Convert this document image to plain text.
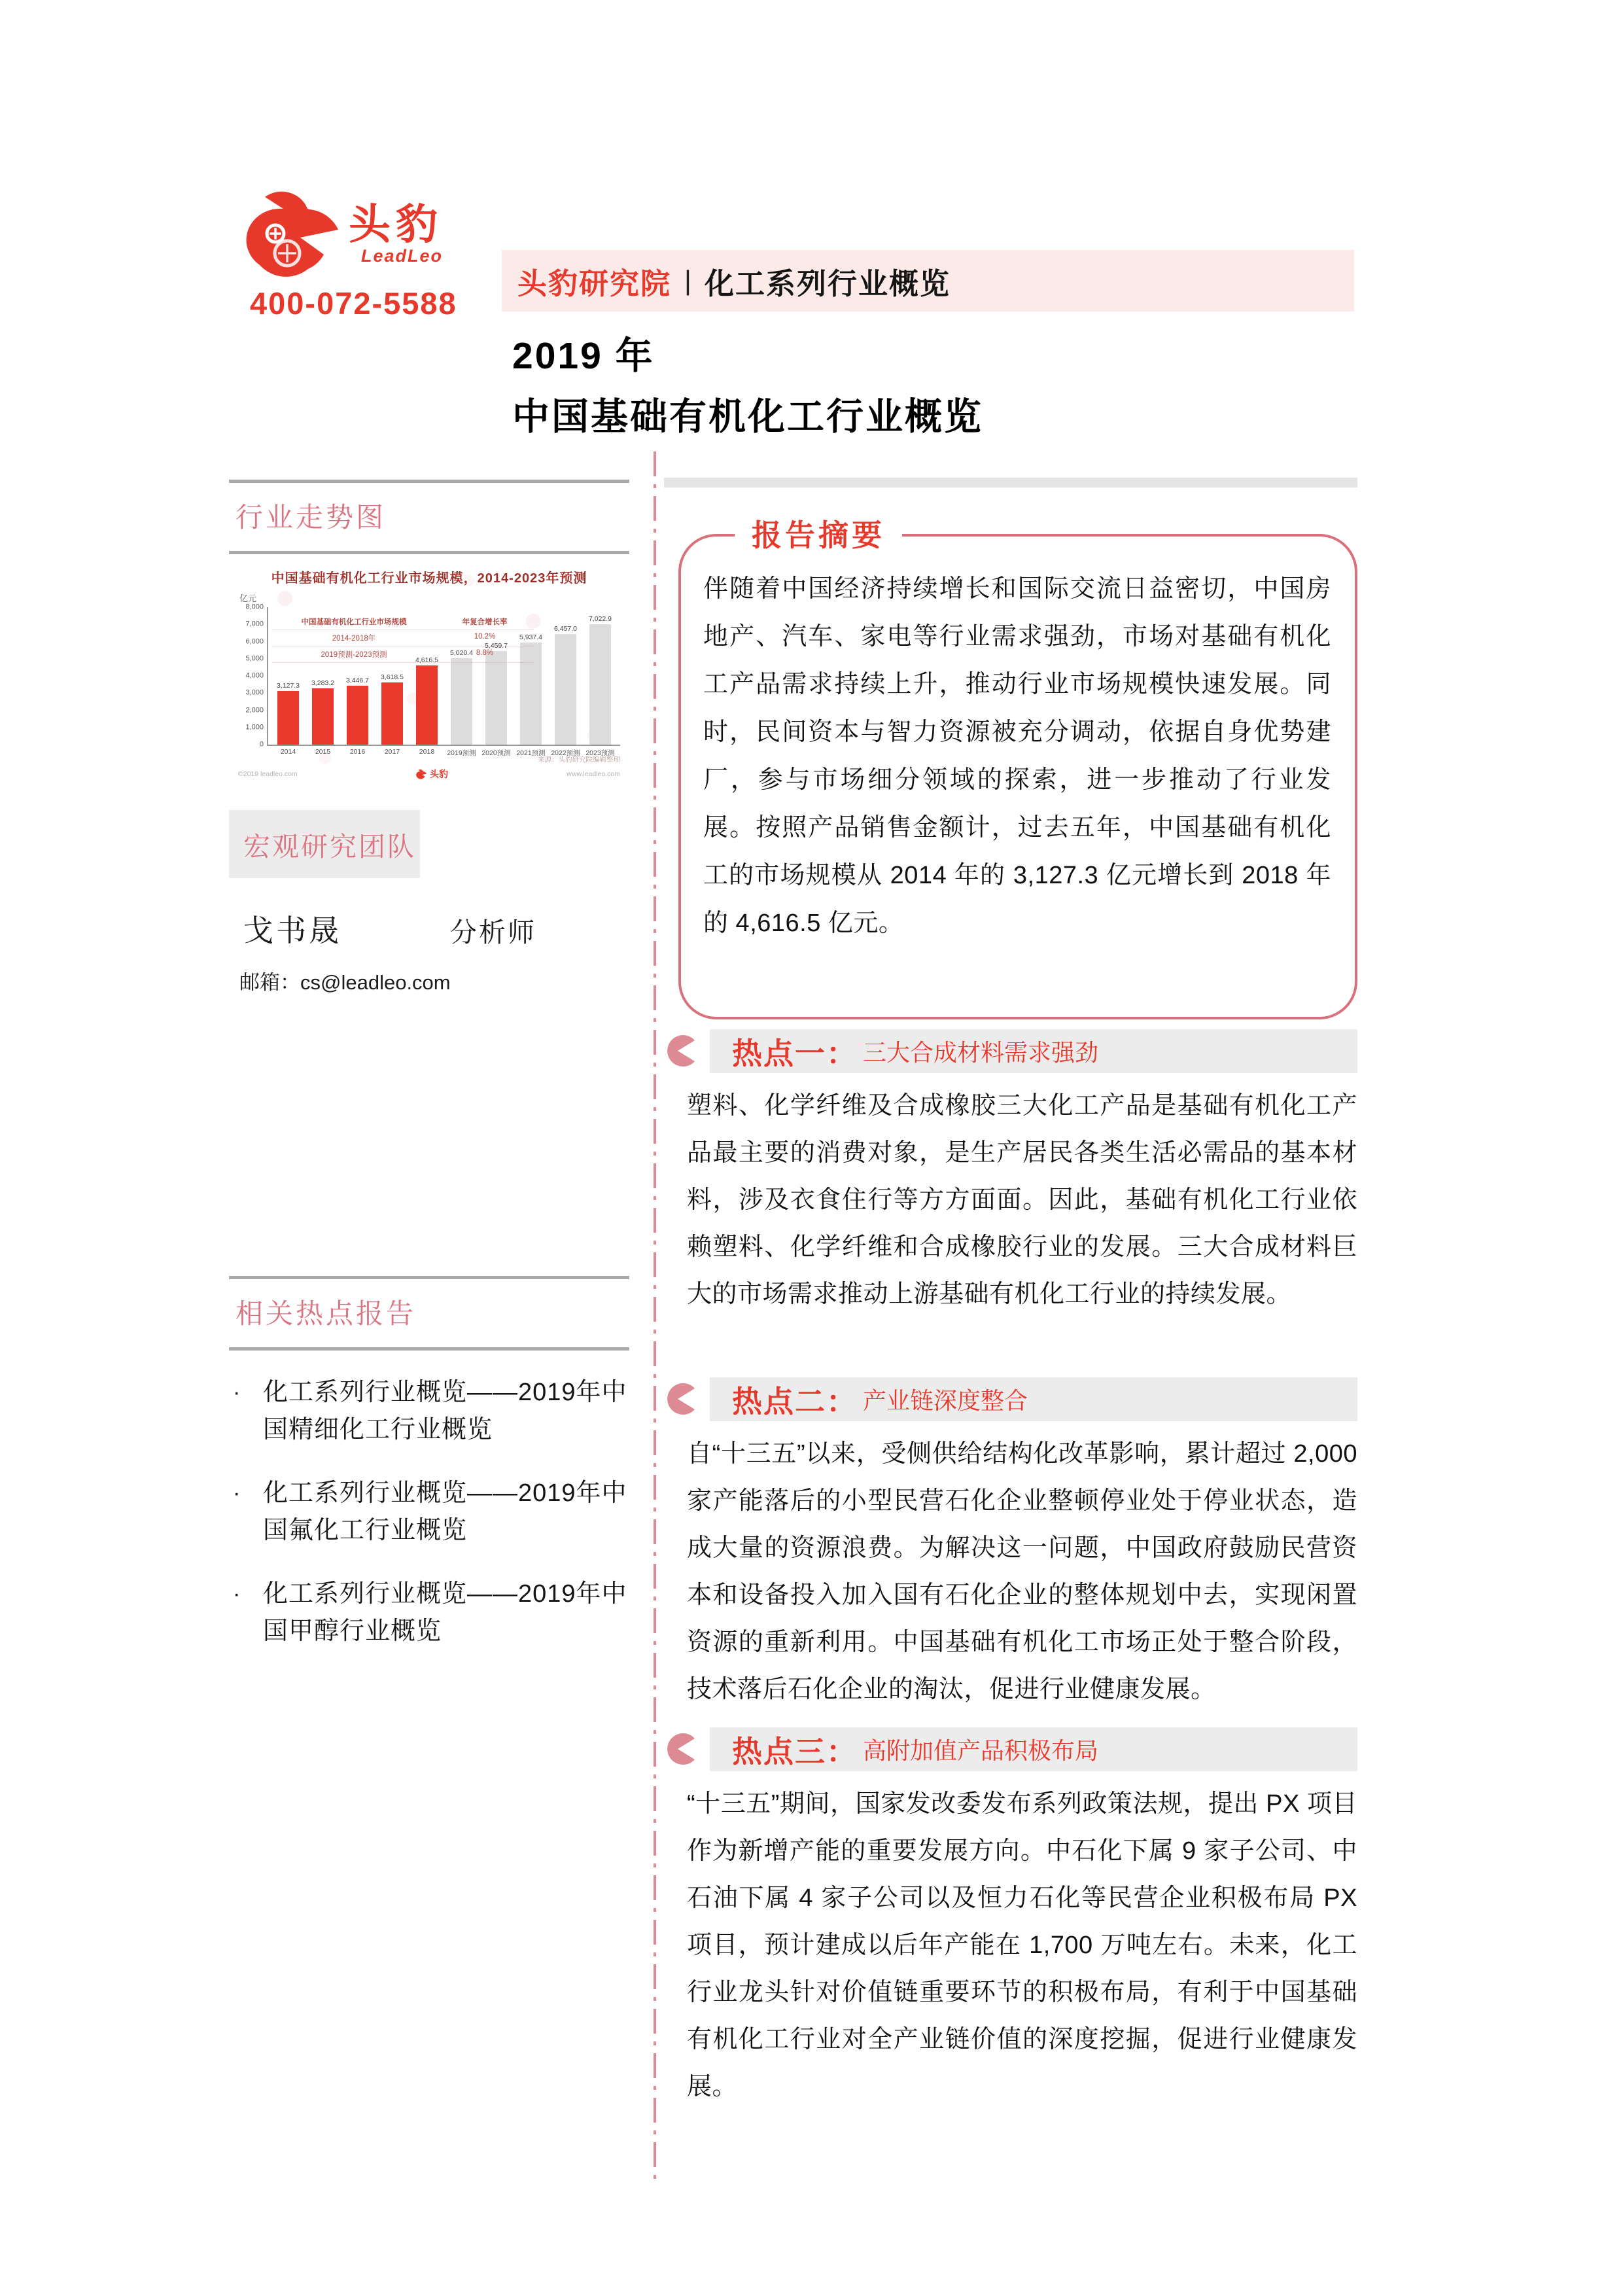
头豹
LeadLeo
400-072-5588
头豹研究院 | 化工系列行业概览
2019 年
中国基础有机化工行业概览
行业走势图
中国基础有机化工行业市场规模，2014-2023年预测
亿元
0
1,000
2,000
3,000
4,000
5,000
6,000
7,000
8,000
3,127.3
2014
3,283.2
2015
3,446.7
2016
3,618.5
2017
4,616.5
2018
5,020.4
2019预测
5,459.7
2020预测
5,937.4
2021预测
6,457.0
2022预测
7,022.9
2023预测
中国基础有机化工行业市场规模	年复合增长率
2014-2018年	10.2%
2019预测-2023预测	8.8%
来源：头豹研究院编辑整理
©2019 leadleo.com	头豹	www.leadleo.com
宏观研究团队
戈书晟	分析师
邮箱：cs@leadleo.com
相关热点报告
· 化工系列行业概览——2019年中国精细化工行业概览
· 化工系列行业概览——2019年中国氟化工行业概览
· 化工系列行业概览——2019年中国甲醇行业概览
报告摘要
伴随着中国经济持续增长和国际交流日益密切，中国房地产、汽车、家电等行业需求强劲，市场对基础有机化工产品需求持续上升，推动行业市场规模快速发展。同时，民间资本与智力资源被充分调动，依据自身优势建厂，参与市场细分领域的探索，进一步推动了行业发展。按照产品销售金额计，过去五年，中国基础有机化工的市场规模从 2014 年的 3,127.3 亿元增长到 2018 年的 4,616.5 亿元。
热点一： 三大合成材料需求强劲
塑料、化学纤维及合成橡胶三大化工产品是基础有机化工产品最主要的消费对象，是生产居民各类生活必需品的基本材料，涉及衣食住行等方方面面。因此，基础有机化工行业依赖塑料、化学纤维和合成橡胶行业的发展。三大合成材料巨大的市场需求推动上游基础有机化工行业的持续发展。
热点二： 产业链深度整合
自“十三五”以来，受侧供给结构化改革影响，累计超过 2,000 家产能落后的小型民营石化企业整顿停业处于停业状态，造成大量的资源浪费。为解决这一问题，中国政府鼓励民营资本和设备投入加入国有石化企业的整体规划中去，实现闲置资源的重新利用。中国基础有机化工市场正处于整合阶段，技术落后石化企业的淘汰，促进行业健康发展。
热点三： 高附加值产品积极布局
“十三五”期间，国家发改委发布系列政策法规，提出 PX 项目作为新增产能的重要发展方向。中石化下属 9 家子公司、中石油下属 4 家子公司以及恒力石化等民营企业积极布局 PX 项目，预计建成以后年产能在 1,700 万吨左右。未来，化工行业龙头针对价值链重要环节的积极布局，有利于中国基础有机化工行业对全产业链价值的深度挖掘，促进行业健康发展。
